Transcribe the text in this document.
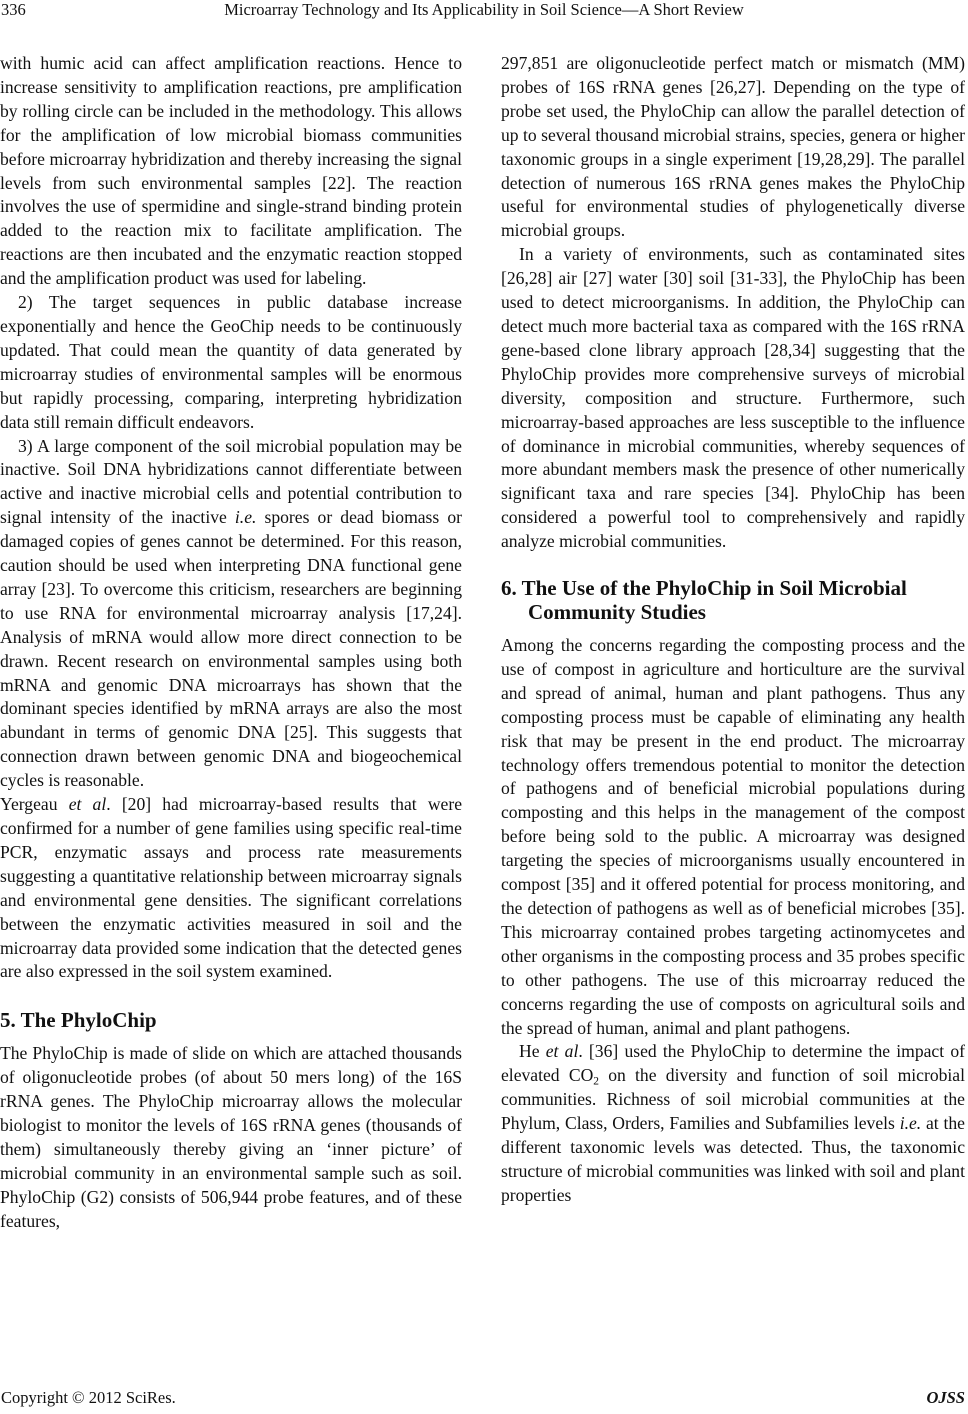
336	Microarray Technology and Its Applicability in Soil Science—A Short Review

with humic acid can affect amplification reactions. Hence to increase sensitivity to amplification reactions, pre amplification by rolling circle can be included in the methodology. This allows for the amplification of low microbial biomass communities before microarray hybridization and thereby increasing the signal levels from such environmental samples [22]. The reaction involves the use of spermidine and single-strand binding protein added to the reaction mix to facilitate amplification. The reactions are then incubated and the enzymatic reaction stopped and the amplification product was used for labeling.

2) The target sequences in public database increase exponentially and hence the GeoChip needs to be continuously updated. That could mean the quantity of data generated by microarray studies of environmental samples will be enormous but rapidly processing, comparing, interpreting hybridization data still remain difficult endeavors.

3) A large component of the soil microbial population may be inactive. Soil DNA hybridizations cannot differentiate between active and inactive microbial cells and potential contribution to signal intensity of the inactive i.e. spores or dead biomass or damaged copies of genes cannot be determined. For this reason, caution should be used when interpreting DNA functional gene array [23]. To overcome this criticism, researchers are beginning to use RNA for environmental microarray analysis [17,24]. Analysis of mRNA would allow more direct connection to be drawn. Recent research on environmental samples using both mRNA and genomic DNA microarrays has shown that the dominant species identified by mRNA arrays are also the most abundant in terms of genomic DNA [25]. This suggests that connection drawn between genomic DNA and biogeochemical cycles is reasonable.

Yergeau et al. [20] had microarray-based results that were confirmed for a number of gene families using specific real-time PCR, enzymatic assays and process rate measurements suggesting a quantitative relationship between microarray signals and environmental gene densities. The significant correlations between the enzymatic activities measured in soil and the microarray data provided some indication that the detected genes are also expressed in the soil system examined.

5. The PhyloChip

The PhyloChip is made of slide on which are attached thousands of oligonucleotide probes (of about 50 mers long) of the 16S rRNA genes. The PhyloChip microarray allows the molecular biologist to monitor the levels of 16S rRNA genes (thousands of them) simultaneously thereby giving an ‘inner picture’ of microbial community in an environmental sample such as soil. PhyloChip (G2) consists of 506,944 probe features, and of these features,

297,851 are oligonucleotide perfect match or mismatch (MM) probes of 16S rRNA genes [26,27]. Depending on the type of probe set used, the PhyloChip can allow the parallel detection of up to several thousand microbial strains, species, genera or higher taxonomic groups in a single experiment [19,28,29]. The parallel detection of numerous 16S rRNA genes makes the PhyloChip useful for environmental studies of phylogenetically diverse microbial groups.

In a variety of environments, such as contaminated sites [26,28] air [27] water [30] soil [31-33], the PhyloChip has been used to detect microorganisms. In addition, the PhyloChip can detect much more bacterial taxa as compared with the 16S rRNA gene-based clone library approach [28,34] suggesting that the PhyloChip provides more comprehensive surveys of microbial diversity, composition and structure. Furthermore, such microarray-based approaches are less susceptible to the influence of dominance in microbial communities, whereby sequences of more abundant members mask the presence of other numerically significant taxa and rare species [34]. PhyloChip has been considered a powerful tool to comprehensively and rapidly analyze microbial communities.

6. The Use of the PhyloChip in Soil Microbial Community Studies

Among the concerns regarding the composting process and the use of compost in agriculture and horticulture are the survival and spread of animal, human and plant pathogens. Thus any composting process must be capable of eliminating any health risk that may be present in the end product. The microarray technology offers tremendous potential to monitor the detection of pathogens and of beneficial microbial populations during composting and this helps in the management of the compost before being sold to the public. A microarray was designed targeting the species of microorganisms usually encountered in compost [35] and it offered potential for process monitoring, and the detection of pathogens as well as of beneficial microbes [35]. This microarray contained probes targeting actinomycetes and other organisms in the composting process and 35 probes specific to other pathogens. The use of this microarray reduced the concerns regarding the use of composts on agricultural soils and the spread of human, animal and plant pathogens.

He et al. [36] used the PhyloChip to determine the impact of elevated $CO_2$ on the diversity and function of soil microbial communities. Richness of soil microbial communities at the Phylum, Class, Orders, Families and Subfamilies levels i.e. at the different taxonomic levels was detected. Thus, the taxonomic structure of microbial communities was linked with soil and plant properties

Copyright © 2012 SciRes.	OJSS
